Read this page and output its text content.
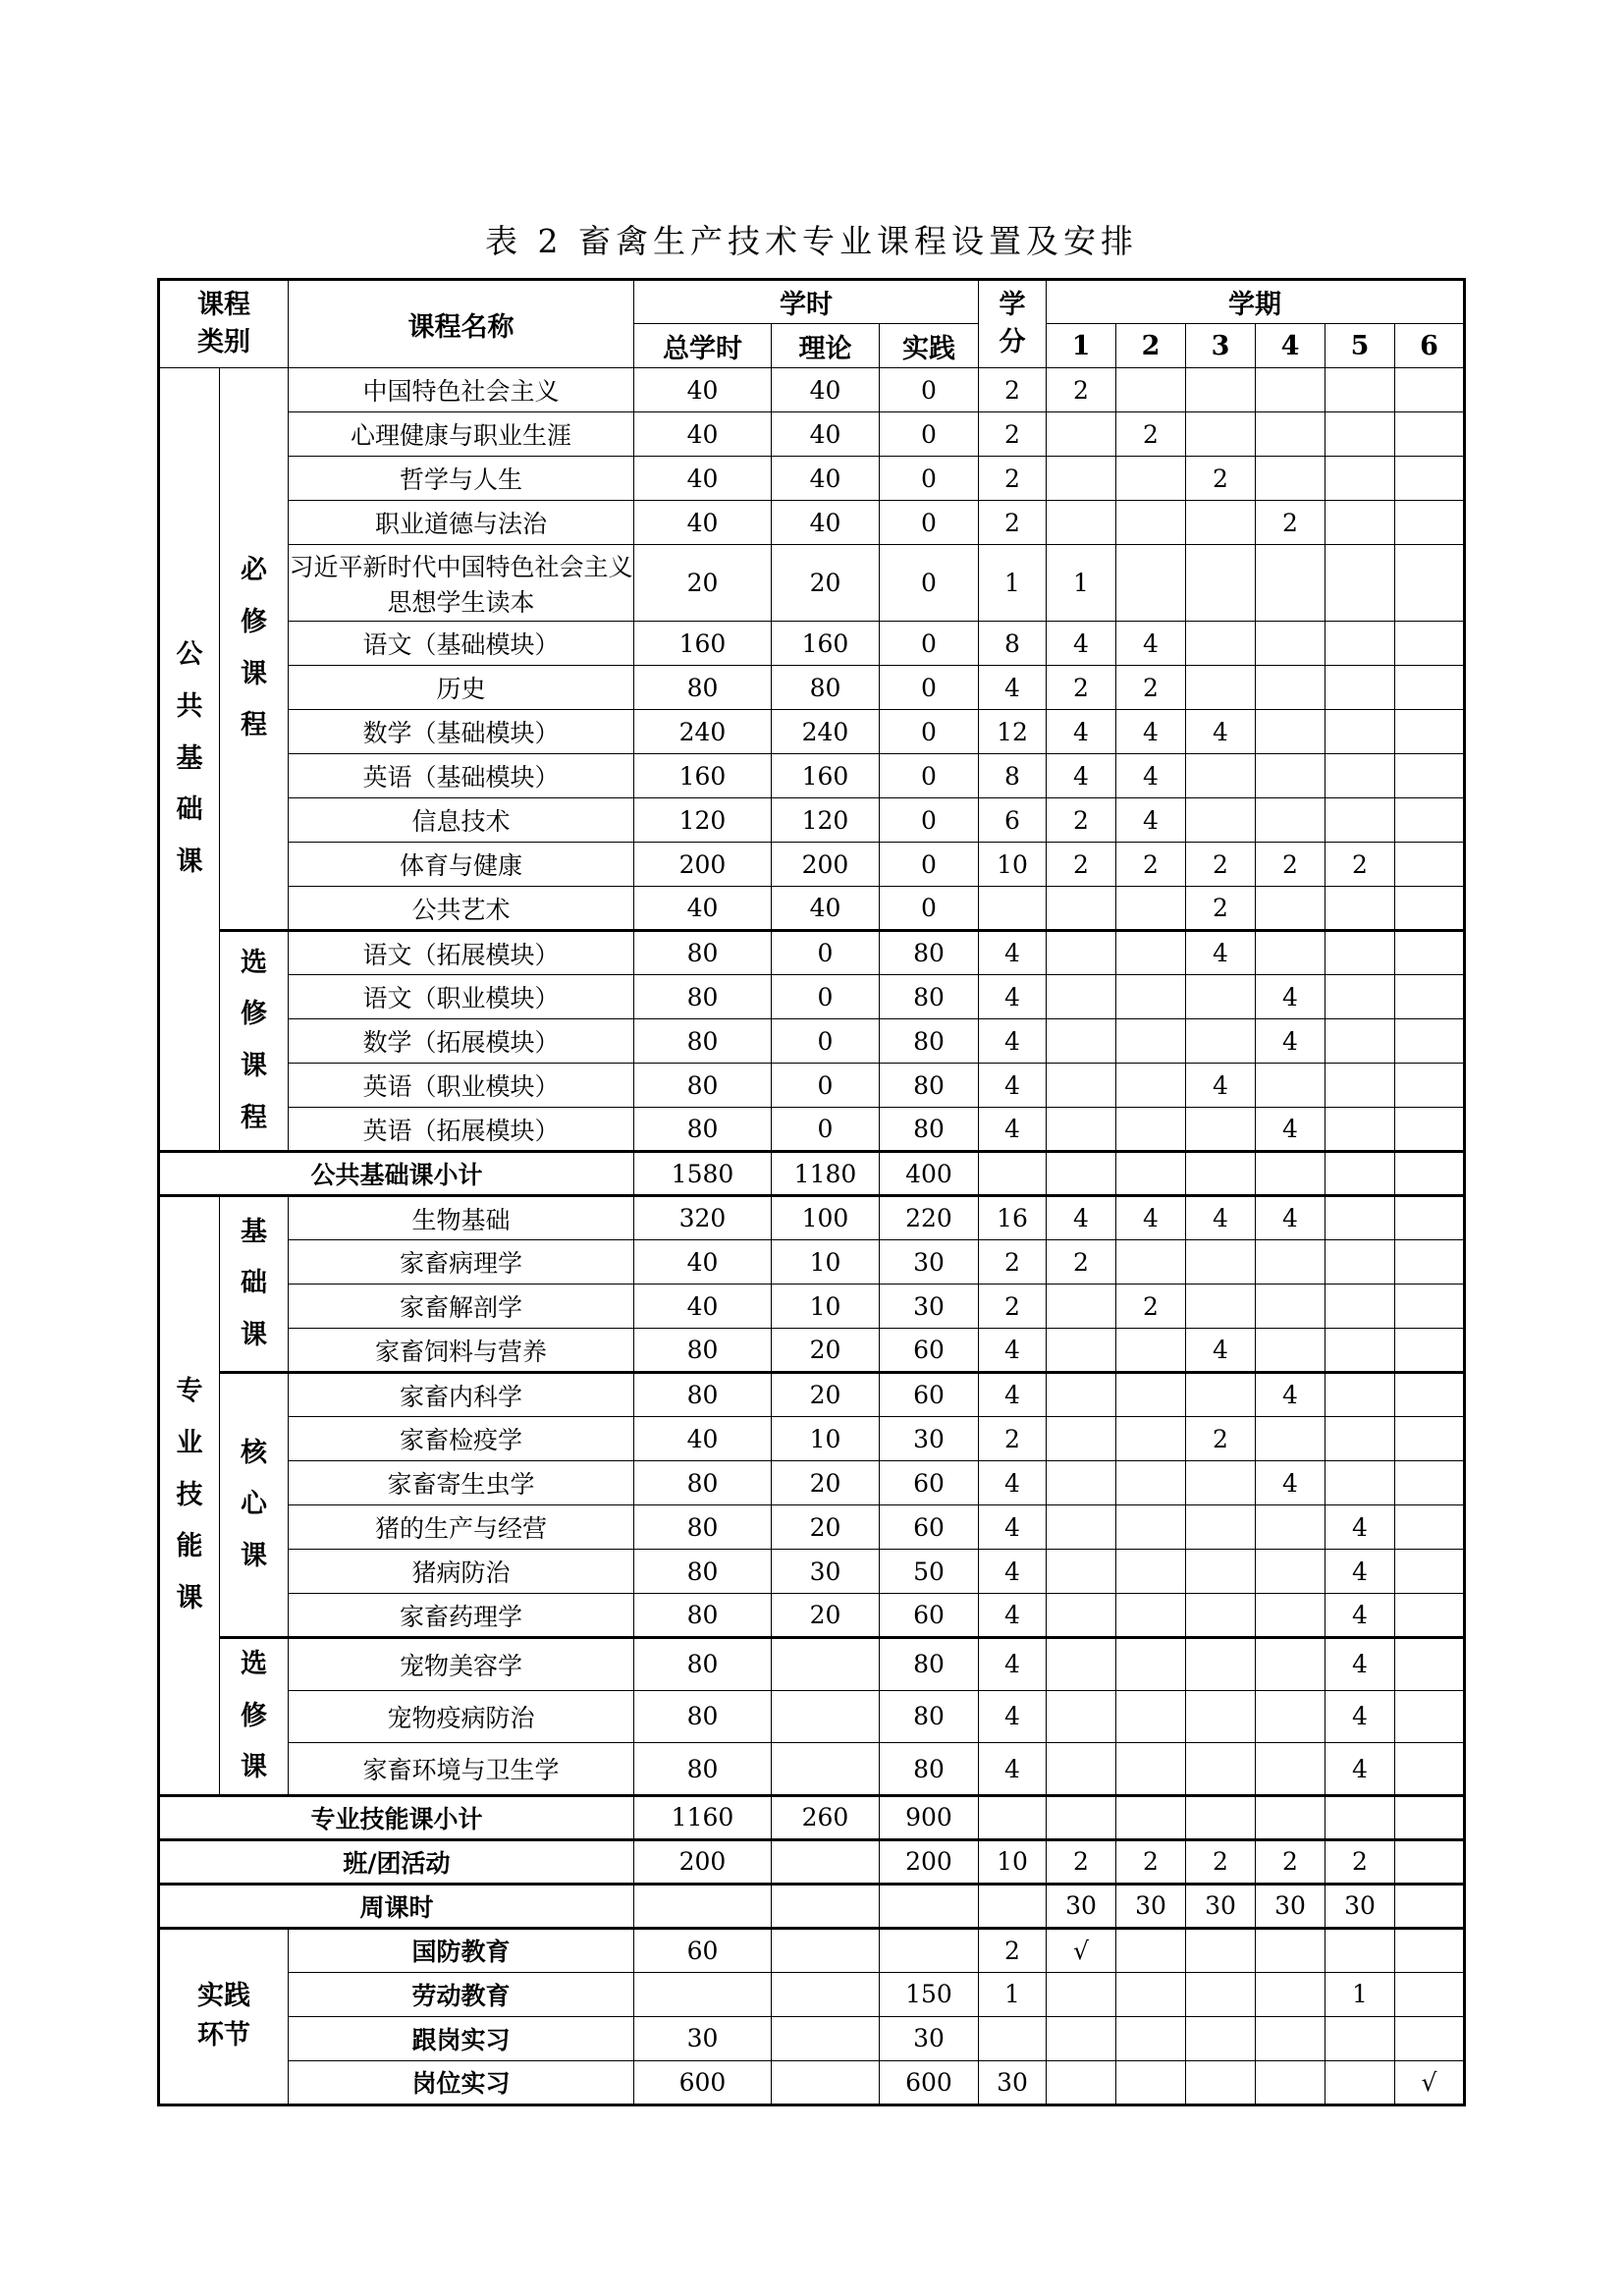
表 2 畜禽生产技术专业课程设置及安排
课程类别		课程名称	学时			学分	学期					
			总学时	理论	实践		1	2	3	4	5	6
公共基础课	必修课程	中国特色社会主义	40	40	0	2	2					
		心理健康与职业生涯	40	40	0	2		2				
		哲学与人生	40	40	0	2			2			
		职业道德与法治	40	40	0	2				2		
		习近平新时代中国特色社会主义思想学生读本	20	20	0	1	1					
		语文（基础模块）	160	160	0	8	4	4				
		历史	80	80	0	4	2	2				
		数学（基础模块）	240	240	0	12	4	4	4			
		英语（基础模块）	160	160	0	8	4	4				
		信息技术	120	120	0	6	2	4				
		体育与健康	200	200	0	10	2	2	2	2	2	
		公共艺术	40	40	0				2			
	选修课程	语文（拓展模块）	80	0	80	4			4			
		语文（职业模块）	80	0	80	4				4		
		数学（拓展模块）	80	0	80	4				4		
		英语（职业模块）	80	0	80	4			4			
		英语（拓展模块）	80	0	80	4				4		
公共基础课小计			1580	1180	400							
专业技能课	基础课	生物基础	320	100	220	16	4	4	4	4		
		家畜病理学	40	10	30	2	2					
		家畜解剖学	40	10	30	2		2				
		家畜饲料与营养	80	20	60	4			4			
	核心课	家畜内科学	80	20	60	4				4		
		家畜检疫学	40	10	30	2			2			
		家畜寄生虫学	80	20	60	4				4		
		猪的生产与经营	80	20	60	4					4	
		猪病防治	80	30	50	4					4	
		家畜药理学	80	20	60	4					4	
	选修课	宠物美容学	80		80	4					4	
		宠物疫病防治	80		80	4					4	
		家畜环境与卫生学	80		80	4					4	
专业技能课小计			1160	260	900							
班/团活动			200		200	10	2	2	2	2	2	
周课时							30	30	30	30	30	
实践环节		国防教育	60			2	√					
		劳动教育			150	1					1	
		跟岗实习	30		30							
		岗位实习	600		600	30						√
